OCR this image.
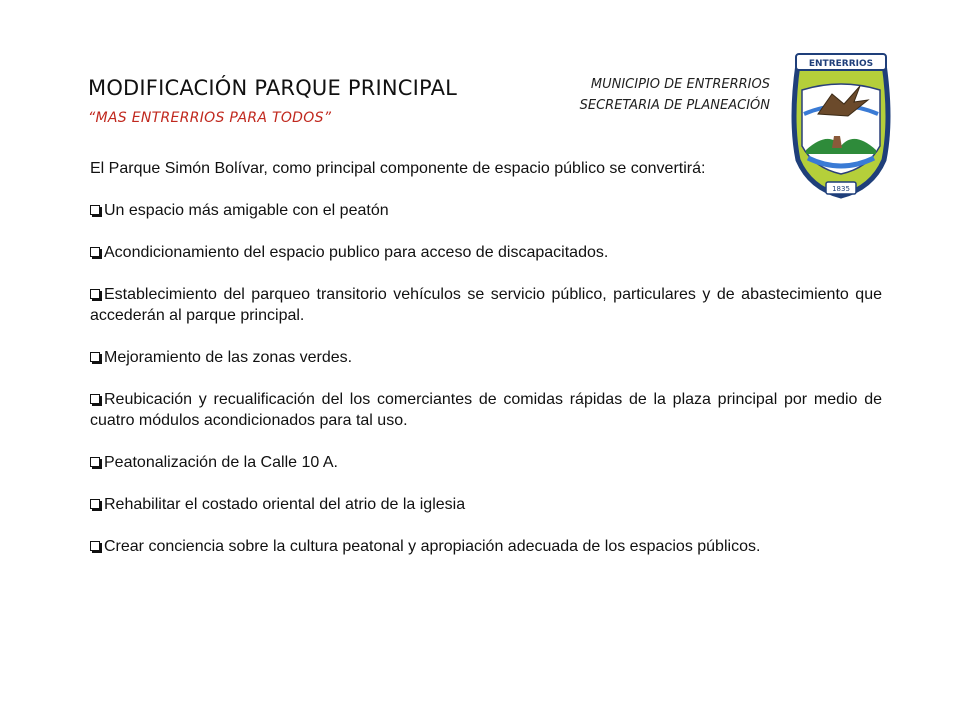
MODIFICACIÓN PARQUE PRINCIPAL
“MAS ENTRERRIOS PARA TODOS”
MUNICIPIO DE ENTRERRIOS
SECRETARIA DE PLANEACIÓN
ENTRERRIOS
1835

El Parque Simón Bolívar, como principal componente de espacio público se convertirá:

Un espacio más amigable con el peatón
Acondicionamiento del espacio publico para acceso de discapacitados.
Establecimiento del parqueo transitorio vehículos se servicio público, particulares y de abastecimiento que accederán al parque principal.
Mejoramiento de las zonas verdes.
Reubicación y recualificación del los comerciantes de comidas rápidas de la plaza principal por medio de cuatro módulos acondicionados para tal uso.
Peatonalización de la Calle 10 A.
Rehabilitar el costado oriental del atrio de la iglesia
Crear conciencia sobre la cultura peatonal y apropiación adecuada de los espacios públicos.
